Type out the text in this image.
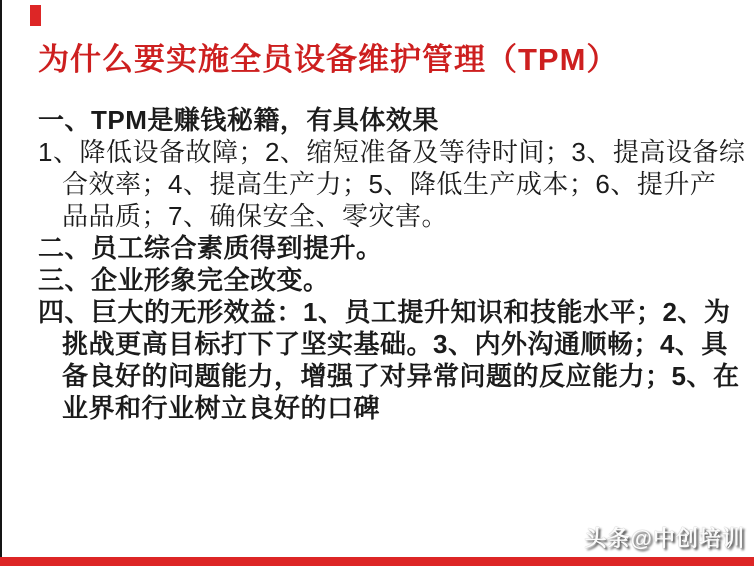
为什么要实施全员设备维护管理（TPM）
一、TPM是赚钱秘籍，有具体效果
1、降低设备故障；2、缩短准备及等待时间；3、提高设备综
合效率；4、提高生产力；5、降低生产成本；6、提升产
品品质；7、确保安全、零灾害。
二、员工综合素质得到提升。
三、企业形象完全改变。
四、巨大的无形效益：1、员工提升知识和技能水平；2、为
挑战更高目标打下了坚实基础。3、内外沟通顺畅；4、具
备良好的问题能力，增强了对异常问题的反应能力；5、在
业界和行业树立良好的口碑
头条@中创培训
